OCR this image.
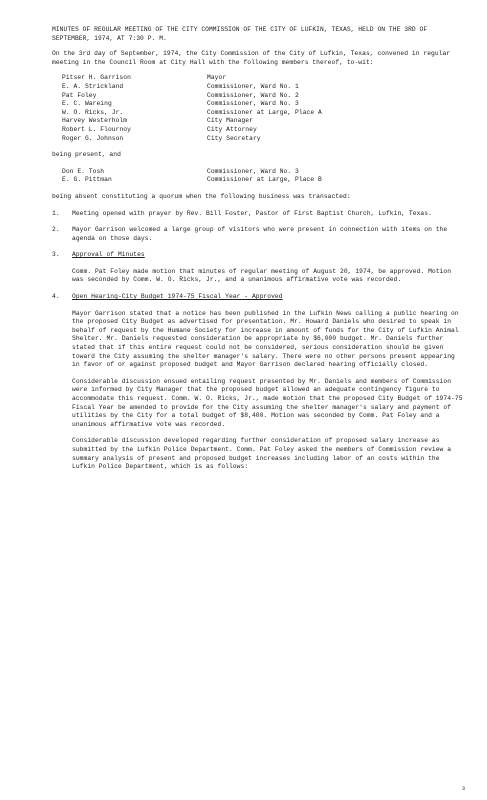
MINUTES OF REGULAR MEETING OF THE CITY COMMISSION OF THE CITY OF LUFKIN, TEXAS, HELD ON THE 3RD OF SEPTEMBER, 1974, AT 7:30 P. M.

On the 3rd day of September, 1974, the City Commission of the City of Lufkin, Texas, convened in regular meeting in the Council Room at City Hall with the following members thereof, to-wit:

Pitser H. Garrison	Mayor
E. A. Strickland	Commissioner, Ward No. 1
Pat Foley	Commissioner, Ward No. 2
E. C. Wareing	Commissioner, Ward No. 3
W. O. Ricks, Jr.	Commissioner at Large, Place A
Harvey Westerholm	City Manager
Robert L. Flournoy	City Attorney
Roger G. Johnson	City Secretary

being present, and

Don E. Tosh	Commissioner, Ward No. 3
E. G. Pittman	Commissioner at Large, Place B

being absent constituting a quorum when the following business was transacted:

1.	Meeting opened with prayer by Rev. Bill Foster, Pastor of First Baptist Church, Lufkin, Texas.
2.	Mayor Garrison welcomed a large group of visitors who were present in connection with items on the agenda on those days.
3.	Approval of Minutes

Comm. Pat Foley made motion that minutes of regular meeting of August 20, 1974, be approved. Motion was seconded by Comm. W. O. Ricks, Jr., and a unanimous affirmative vote was recorded.

4.	Open Hearing-City Budget 1974-75 Fiscal Year - Approved

Mayor Garrison stated that a notice has been published in the Lufkin News calling a public hearing on the proposed City Budget as advertised for presentation. Mr. Howard Daniels who desired to speak in behalf of request by the Humane Society for increase in amount of funds for the City of Lufkin Animal Shelter. Mr. Daniels requested consideration be appropriate by $6,000 budget. Mr. Daniels further stated that if this entire request could not be considered, serious consideration should be given toward the City assuming the shelter manager's salary. There were no other persons present appearing in favor of or against proposed budget and Mayor Garrison declared hearing officially closed.

Considerable discussion ensued entailing request presented by Mr. Daniels and members of Commission were informed by City Manager that the proposed budget allowed an adequate contingency figure to accommodate this request. Comm. W. O. Ricks, Jr., made motion that the proposed City Budget of 1974-75 Fiscal Year be amended to provide for the City assuming the shelter manager's salary and payment of utilities by the City for a total budget of $8,400. Motion was seconded by Comm. Pat Foley and a unanimous affirmative vote was recorded.

Considerable discussion developed regarding further consideration of proposed salary increase as submitted by the Lufkin Police Department. Comm. Pat Foley asked the members of Commission review a summary analysis of present and proposed budget increases including labor of an costs within the Lufkin Police Department, which is as follows:

3
